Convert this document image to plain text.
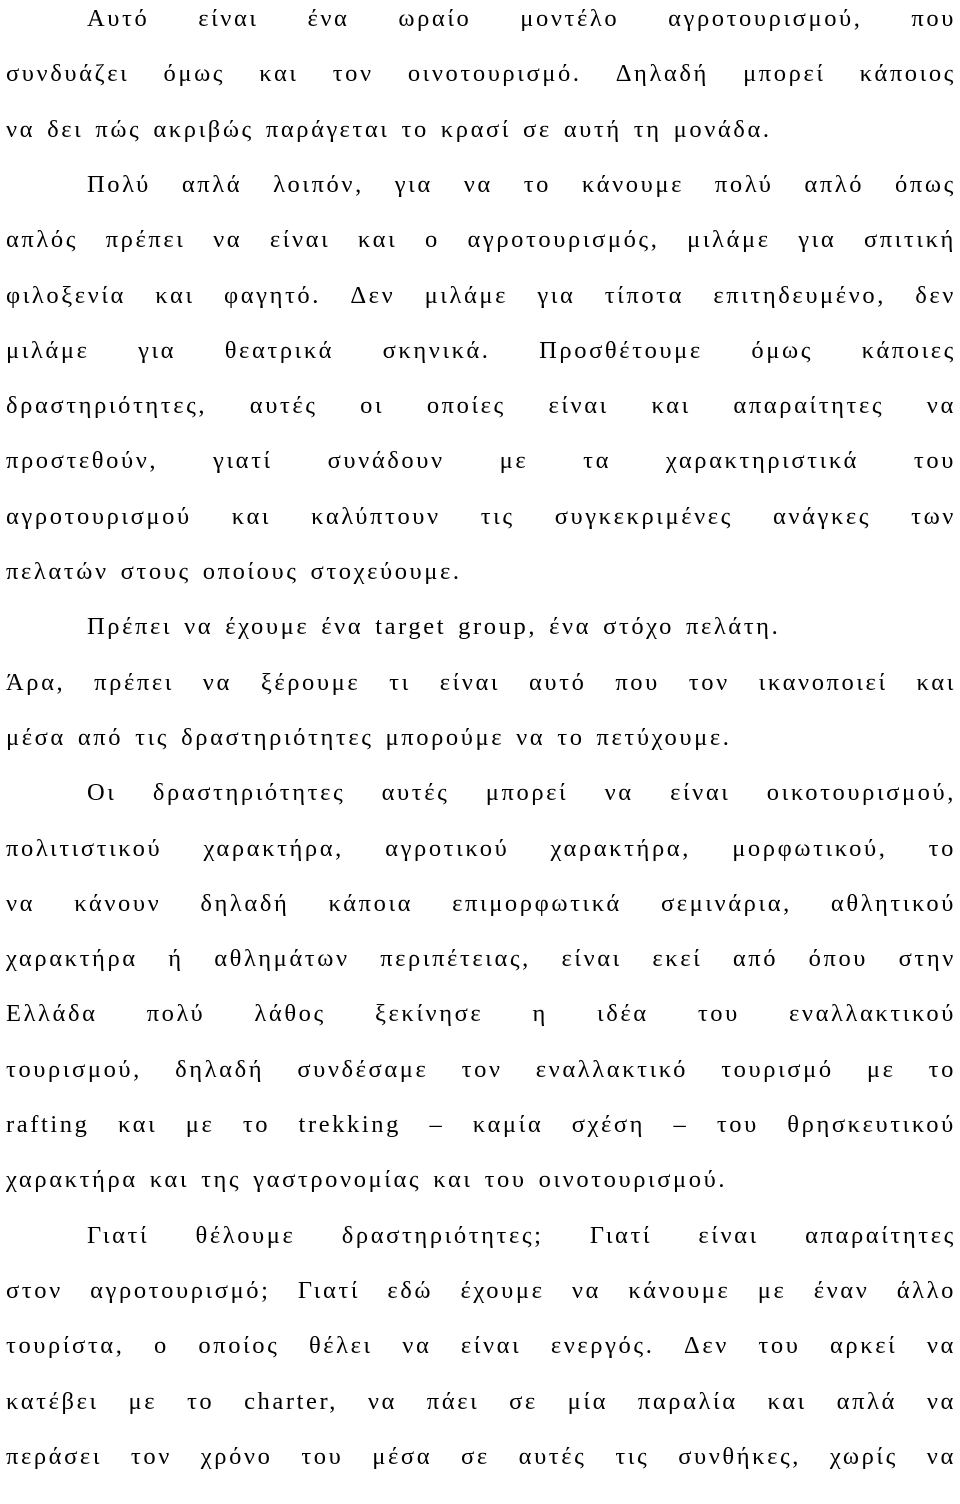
Αυτό είναι ένα ωραίο μοντέλο αγροτουρισμού, που
συνδυάζει όμως και τον οινοτουρισμό. Δηλαδή μπορεί κάποιος
να δει πώς ακριβώς παράγεται το κρασί σε αυτή τη μονάδα.
Πολύ απλά λοιπόν, για να το κάνουμε πολύ απλό όπως
απλός πρέπει να είναι και ο αγροτουρισμός, μιλάμε για σπιτική
φιλοξενία και φαγητό. Δεν μιλάμε για τίποτα επιτηδευμένο, δεν
μιλάμε για θεατρικά σκηνικά. Προσθέτουμε όμως κάποιες
δραστηριότητες, αυτές οι οποίες είναι και απαραίτητες να
προστεθούν, γιατί συνάδουν με τα χαρακτηριστικά του
αγροτουρισμού και καλύπτουν τις συγκεκριμένες ανάγκες των
πελατών στους οποίους στοχεύουμε.
Πρέπει να έχουμε ένα target group, ένα στόχο πελάτη.
Άρα, πρέπει να ξέρουμε τι είναι αυτό που τον ικανοποιεί και
μέσα από τις δραστηριότητες μπορούμε να το πετύχουμε.
Οι δραστηριότητες αυτές μπορεί να είναι οικοτουρισμού,
πολιτιστικού χαρακτήρα, αγροτικού χαρακτήρα, μορφωτικού, το
να κάνουν δηλαδή κάποια επιμορφωτικά σεμινάρια, αθλητικού
χαρακτήρα ή αθλημάτων περιπέτειας, είναι εκεί από όπου στην
Ελλάδα πολύ λάθος ξεκίνησε η ιδέα του εναλλακτικού
τουρισμού, δηλαδή συνδέσαμε τον εναλλακτικό τουρισμό με το
rafting και με το trekking – καμία σχέση – του θρησκευτικού
χαρακτήρα και της γαστρονομίας και του οινοτουρισμού.
Γιατί θέλουμε δραστηριότητες; Γιατί είναι απαραίτητες
στον αγροτουρισμό; Γιατί εδώ έχουμε να κάνουμε με έναν άλλο
τουρίστα, ο οποίος θέλει να είναι ενεργός. Δεν του αρκεί να
κατέβει με το charter, να πάει σε μία παραλία και απλά να
περάσει τον χρόνο του μέσα σε αυτές τις συνθήκες, χωρίς να
